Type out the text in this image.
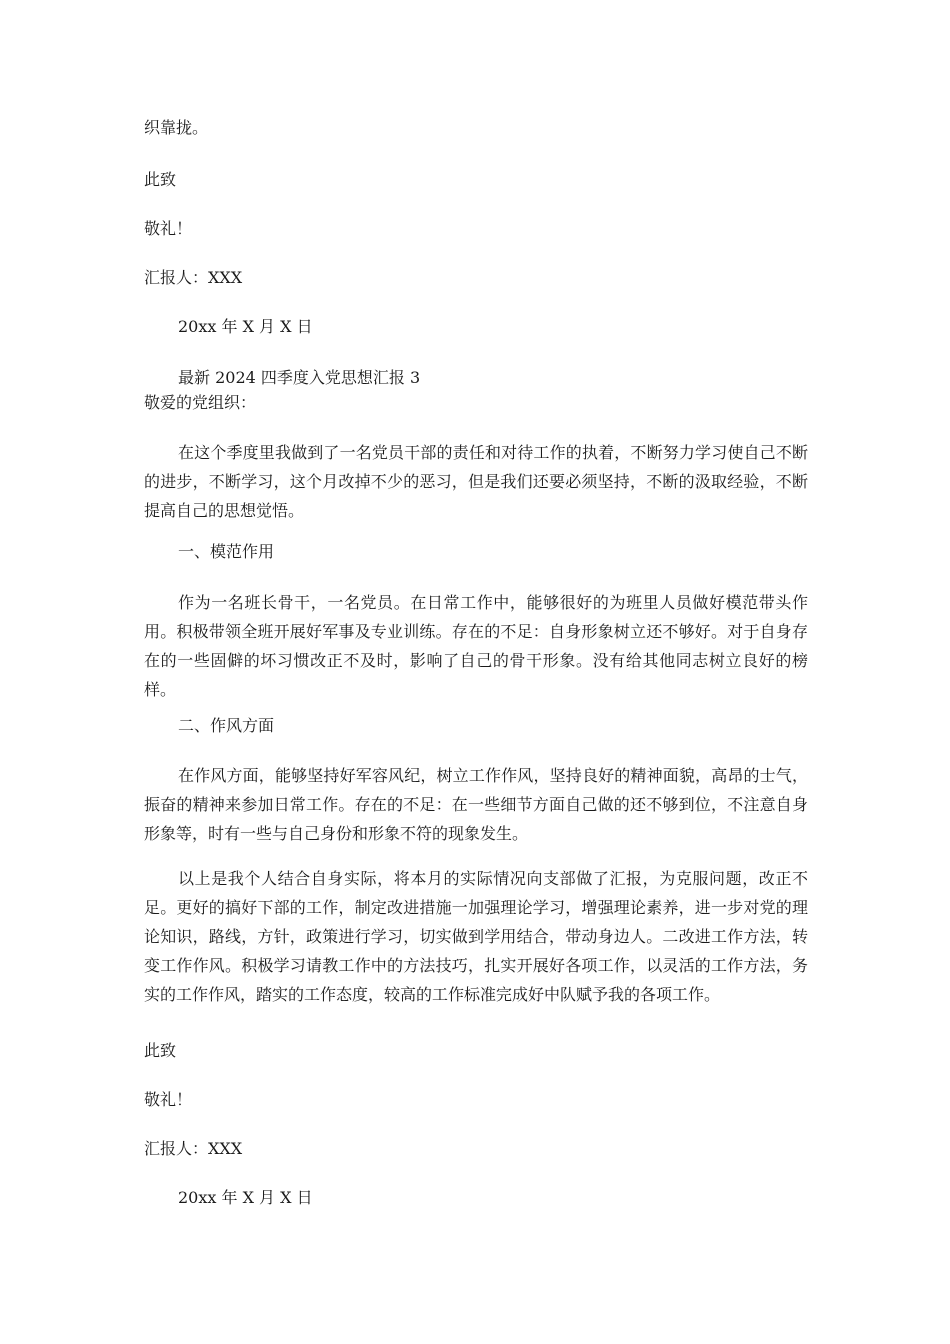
织靠拢。
此致
敬礼！
汇报人：XXX
20xx 年 X 月 X 日
最新 2024 四季度入党思想汇报 3
敬爱的党组织：
在这个季度里我做到了一名党员干部的责任和对待工作的执着，不断努力学习使自己不断的进步，不断学习，这个月改掉不少的恶习，但是我们还要必须坚持，不断的汲取经验，不断提高自己的思想觉悟。
一、模范作用
作为一名班长骨干，一名党员。在日常工作中，能够很好的为班里人员做好模范带头作用。积极带领全班开展好军事及专业训练。存在的不足：自身形象树立还不够好。对于自身存在的一些固僻的坏习惯改正不及时，影响了自己的骨干形象。没有给其他同志树立良好的榜样。
二、作风方面
在作风方面，能够坚持好军容风纪，树立工作作风，坚持良好的精神面貌，高昂的士气，振奋的精神来参加日常工作。存在的不足：在一些细节方面自己做的还不够到位，不注意自身形象等，时有一些与自己身份和形象不符的现象发生。
以上是我个人结合自身实际，将本月的实际情况向支部做了汇报，为克服问题，改正不足。更好的搞好下部的工作，制定改进措施一加强理论学习，增强理论素养，进一步对党的理论知识，路线，方针，政策进行学习，切实做到学用结合，带动身边人。二改进工作方法，转变工作作风。积极学习请教工作中的方法技巧，扎实开展好各项工作，以灵活的工作方法，务实的工作作风，踏实的工作态度，较高的工作标准完成好中队赋予我的各项工作。
此致
敬礼！
汇报人：XXX
20xx 年 X 月 X 日
